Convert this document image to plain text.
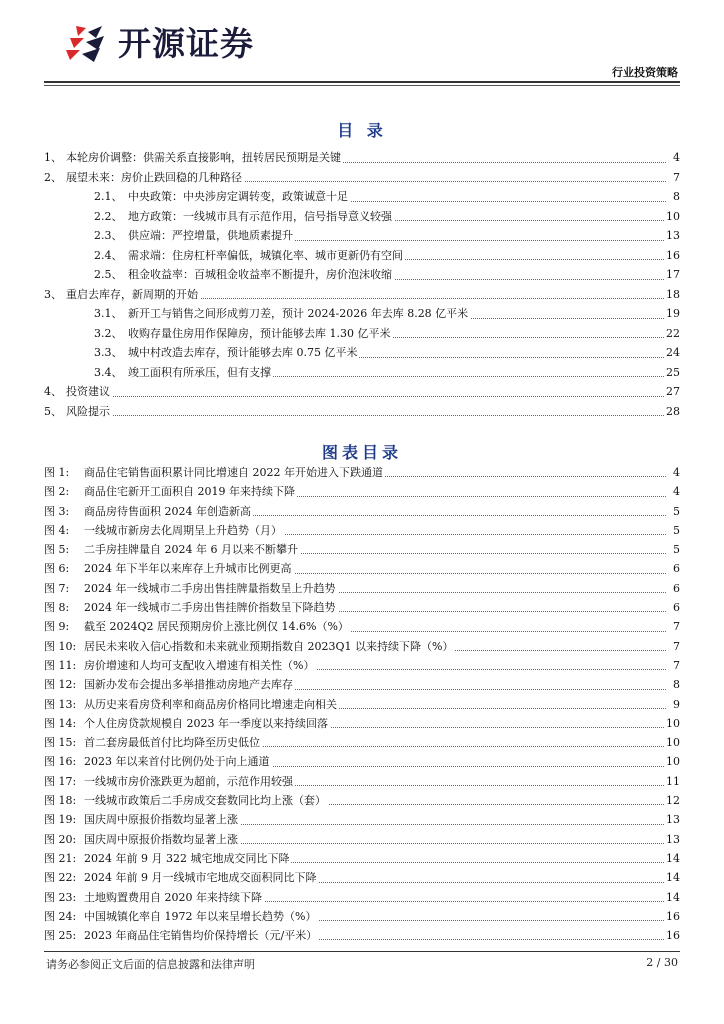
开源证券
行业投资策略
目 录
1、 本轮房价调整：供需关系直接影响，扭转居民预期是关键	4
2、 展望未来：房价止跌回稳的几种路径	7
2.1、 中央政策：中央涉房定调转变，政策诚意十足	8
2.2、 地方政策：一线城市具有示范作用，信号指导意义较强	10
2.3、 供应端：严控增量，供地质素提升	13
2.4、 需求端：住房杠杆率偏低，城镇化率、城市更新仍有空间	16
2.5、 租金收益率：百城租金收益率不断提升，房价泡沫收缩	17
3、 重启去库存，新周期的开始	18
3.1、 新开工与销售之间形成剪刀差，预计 2024-2026 年去库 8.28 亿平米	19
3.2、 收购存量住房用作保障房，预计能够去库 1.30 亿平米	22
3.3、 城中村改造去库存，预计能够去库 0.75 亿平米	24
3.4、 竣工面积有所承压，但有支撑	25
4、 投资建议	27
5、 风险提示	28
图表目录
图 1: 商品住宅销售面积累计同比增速自 2022 年开始进入下跌通道	4
图 2: 商品住宅新开工面积自 2019 年来持续下降	4
图 3: 商品房待售面积 2024 年创造新高	5
图 4: 一线城市新房去化周期呈上升趋势（月）	5
图 5: 二手房挂牌量自 2024 年 6 月以来不断攀升	5
图 6: 2024 年下半年以来库存上升城市比例更高	6
图 7: 2024 年一线城市二手房出售挂牌量指数呈上升趋势	6
图 8: 2024 年一线城市二手房出售挂牌价指数呈下降趋势	6
图 9: 截至 2024Q2 居民预期房价上涨比例仅 14.6%（%）	7
图 10: 居民未来收入信心指数和未来就业预期指数自 2023Q1 以来持续下降（%）	7
图 11: 房价增速和人均可支配收入增速有相关性（%）	7
图 12: 国新办发布会提出多举措推动房地产去库存	8
图 13: 从历史来看房贷利率和商品房价格同比增速走向相关	9
图 14: 个人住房贷款规模自 2023 年一季度以来持续回落	10
图 15: 首二套房最低首付比均降至历史低位	10
图 16: 2023 年以来首付比例仍处于向上通道	10
图 17: 一线城市房价涨跌更为超前，示范作用较强	11
图 18: 一线城市政策后二手房成交套数同比均上涨（套）	12
图 19: 国庆周中原报价指数均显著上涨	13
图 20: 国庆周中原报价指数均显著上涨	13
图 21: 2024 年前 9 月 322 城宅地成交同比下降	14
图 22: 2024 年前 9 月一线城市宅地成交面积同比下降	14
图 23: 土地购置费用自 2020 年来持续下降	14
图 24: 中国城镇化率自 1972 年以来呈增长趋势（%）	16
图 25: 2023 年商品住宅销售均价保持增长（元/平米）	16
请务必参阅正文后面的信息披露和法律声明	2 / 30
